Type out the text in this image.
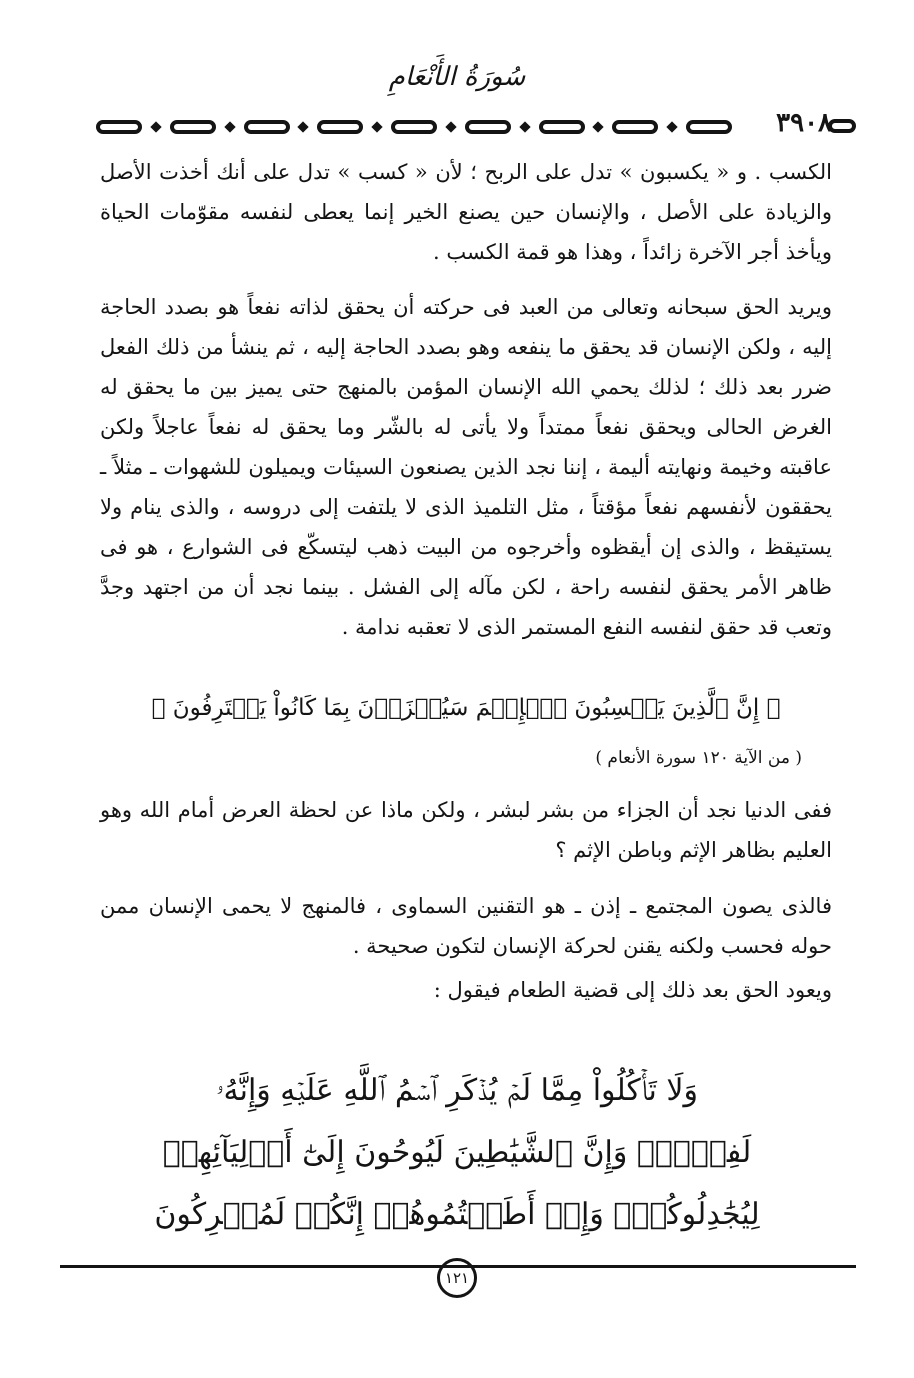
سُورَةُ الأَنْعَامِ
٣٩٠٨

الكسب . و « يكسبون » تدل على الربح ؛ لأن « كسب » تدل على أنك أخذت الأصل والزيادة على الأصل ، والإنسان حين يصنع الخير إنما يعطى لنفسه مقوّمات الحياة ويأخذ أجر الآخرة زائداً ، وهذا هو قمة الكسب .

ويريد الحق سبحانه وتعالى من العبد فى حركته أن يحقق لذاته نفعاً هو بصدد الحاجة إليه ، ولكن الإنسان قد يحقق ما ينفعه وهو بصدد الحاجة إليه ، ثم ينشأ من ذلك الفعل ضرر بعد ذلك ؛ لذلك يحمي الله الإنسان المؤمن بالمنهج حتى يميز بين ما يحقق له الغرض الحالى ويحقق نفعاً ممتداً ولا يأتى له بالشّر وما يحقق له نفعاً عاجلاً ولكن عاقبته وخيمة ونهايته أليمة ، إننا نجد الذين يصنعون السيئات ويميلون للشهوات ـ مثلاً ـ يحققون لأنفسهم نفعاً مؤقتاً ، مثل التلميذ الذى لا يلتفت إلى دروسه ، والذى ينام ولا يستيقظ ، والذى إن أيقظوه وأخرجوه من البيت ذهب ليتسكّع فى الشوارع ، هو فى ظاهر الأمر يحقق لنفسه راحة ، لكن مآله إلى الفشل . بينما نجد أن من اجتهد وجدَّ وتعب قد حقق لنفسه النفع المستمر الذى لا تعقبه ندامة .

﴿ إِنَّ ٱلَّذِينَ يَكۡسِبُونَ ٱلۡإِثۡمَ سَيُجۡزَوۡنَ بِمَا كَانُواْ يَقۡتَرِفُونَ ﴾
( من الآية ١٢٠ سورة الأنعام )

ففى الدنيا نجد أن الجزاء من بشر لبشر ، ولكن ماذا عن لحظة العرض أمام الله وهو العليم بظاهر الإثم وباطن الإثم ؟

فالذى يصون المجتمع ـ إذن ـ هو التقنين السماوى ، فالمنهج لا يحمى الإنسان ممن حوله فحسب ولكنه يقنن لحركة الإنسان لتكون صحيحة .

ويعود الحق بعد ذلك إلى قضية الطعام فيقول :

وَلَا تَأۡكُلُواْ مِمَّا لَمۡ يُذۡكَرِ ٱسۡمُ ٱللَّهِ عَلَيۡهِ وَإِنَّهُۥ
لَفِسۡقٞۗ وَإِنَّ ٱلشَّيَٰطِينَ لَيُوحُونَ إِلَىٰٓ أَوۡلِيَآئِهِمۡ
لِيُجَٰدِلُوكُمۡۖ وَإِنۡ أَطَعۡتُمُوهُمۡ إِنَّكُمۡ لَمُشۡرِكُونَ ١٢١
